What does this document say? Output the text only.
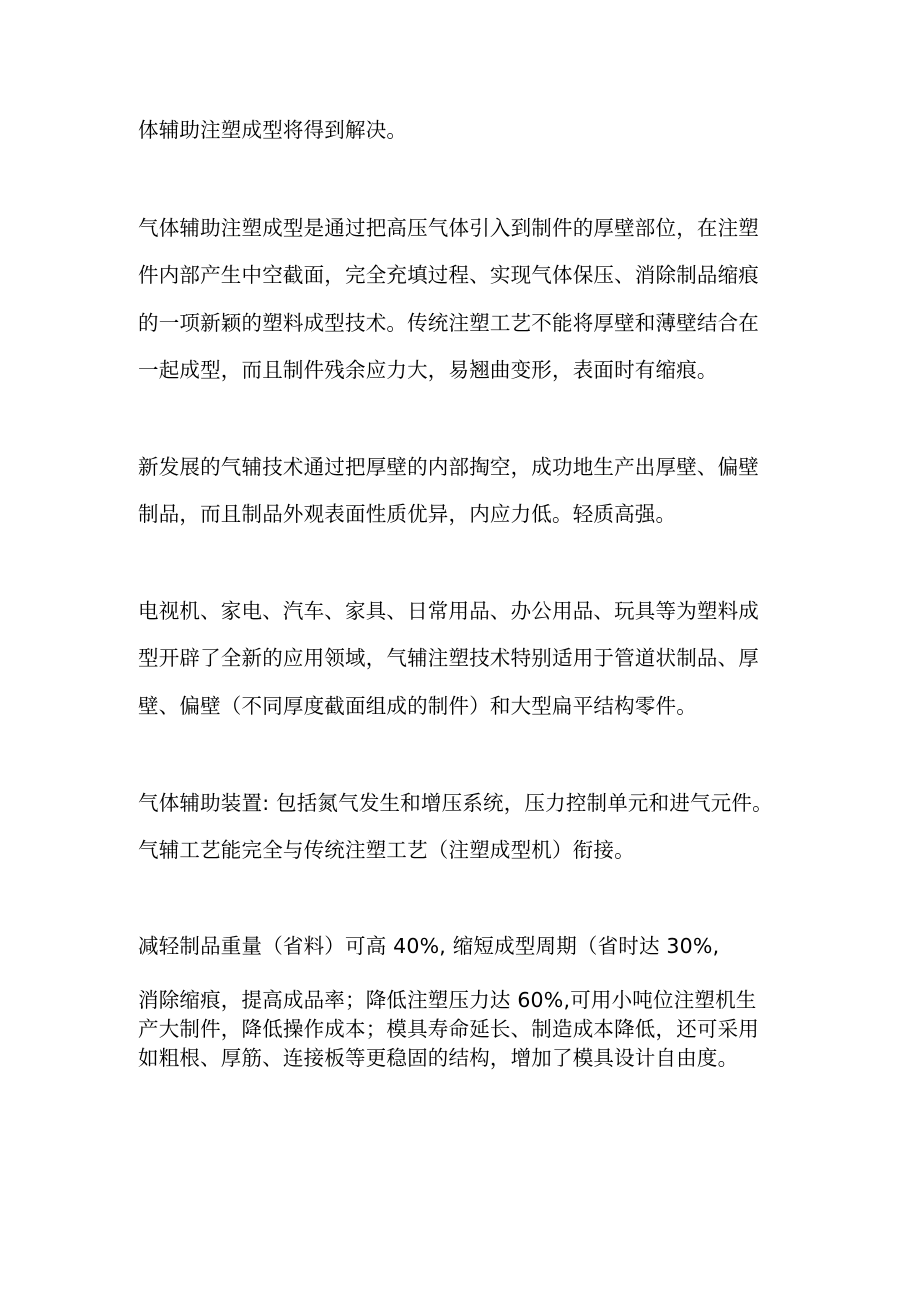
体辅助注塑成型将得到解决。
气体辅助注塑成型是通过把高压气体引入到制件的厚壁部位，在注塑
件内部产生中空截面，完全充填过程、实现气体保压、消除制品缩痕
的一项新颖的塑料成型技术。传统注塑工艺不能将厚壁和薄壁结合在
一起成型，而且制件残余应力大，易翘曲变形，表面时有缩痕。
新发展的气辅技术通过把厚壁的内部掏空，成功地生产出厚壁、偏壁
制品，而且制品外观表面性质优异，内应力低。轻质高强。
电视机、家电、汽车、家具、日常用品、办公用品、玩具等为塑料成
型开辟了全新的应用领域，气辅注塑技术特别适用于管道状制品、厚
壁、偏壁（不同厚度截面组成的制件）和大型扁平结构零件。
气体辅助装置: 包括氮气发生和增压系统，压力控制单元和进气元件。
气辅工艺能完全与传统注塑工艺（注塑成型机）衔接。
减轻制品重量（省料）可高 40%, 缩短成型周期（省时达 30%,
消除缩痕，提高成品率；降低注塑压力达 60%,可用小吨位注塑机生
产大制件，降低操作成本；模具寿命延长、制造成本降低，还可采用
如粗根、厚筋、连接板等更稳固的结构，增加了模具设计自由度。
